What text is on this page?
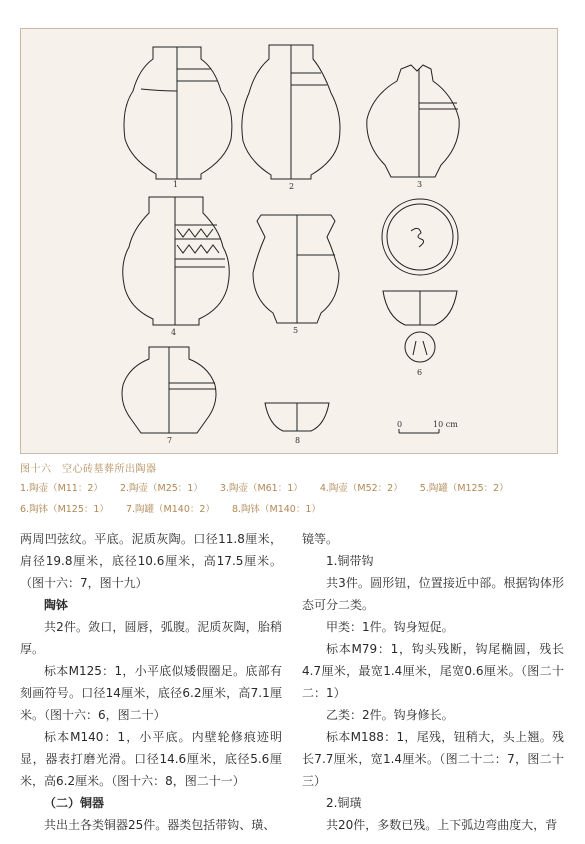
1	2	3
4	5
6
7	8
0	10 cm
图十六　空心砖墓葬所出陶器
1.陶壶（M11：2） 2.陶壶（M25：1） 3.陶壶（M61：1） 4.陶壶（M52：2） 5.陶罐（M125：2） 6.陶钵（M125：1） 7.陶罐（M140：2） 8.陶钵（M140：1）

两周凹弦纹。平底。泥质灰陶。口径11.8厘米，肩径19.8厘米，底径10.6厘米，高17.5厘米。（图十六：7，图十九）

陶钵

共2件。敛口，圆唇，弧腹。泥质灰陶，胎稍厚。

标本M125：1，小平底似矮假圈足。底部有刻画符号。口径14厘米，底径6.2厘米，高7.1厘米。（图十六：6，图二十）

标本M140：1，小平底。内壁轮修痕迹明显，器表打磨光滑。口径14.6厘米，底径5.6厘米，高6.2厘米。（图十六：8，图二十一）

（二）铜器

共出土各类铜器25件。器类包括带钩、璜、

镜等。

1.铜带钩

共3件。圆形钮，位置接近中部。根据钩体形态可分二类。

甲类：1件。钩身短促。

标本M79：1，钩头残断，钩尾椭圆，残长4.7厘米，最宽1.4厘米，尾宽0.6厘米。（图二十二：1）

乙类：2件。钩身修长。

标本M188：1，尾残，钮稍大，头上翘。残长7.7厘米，宽1.4厘米。（图二十二：7，图二十三）

2.铜璜

共20件，多数已残。上下弧边弯曲度大，背
